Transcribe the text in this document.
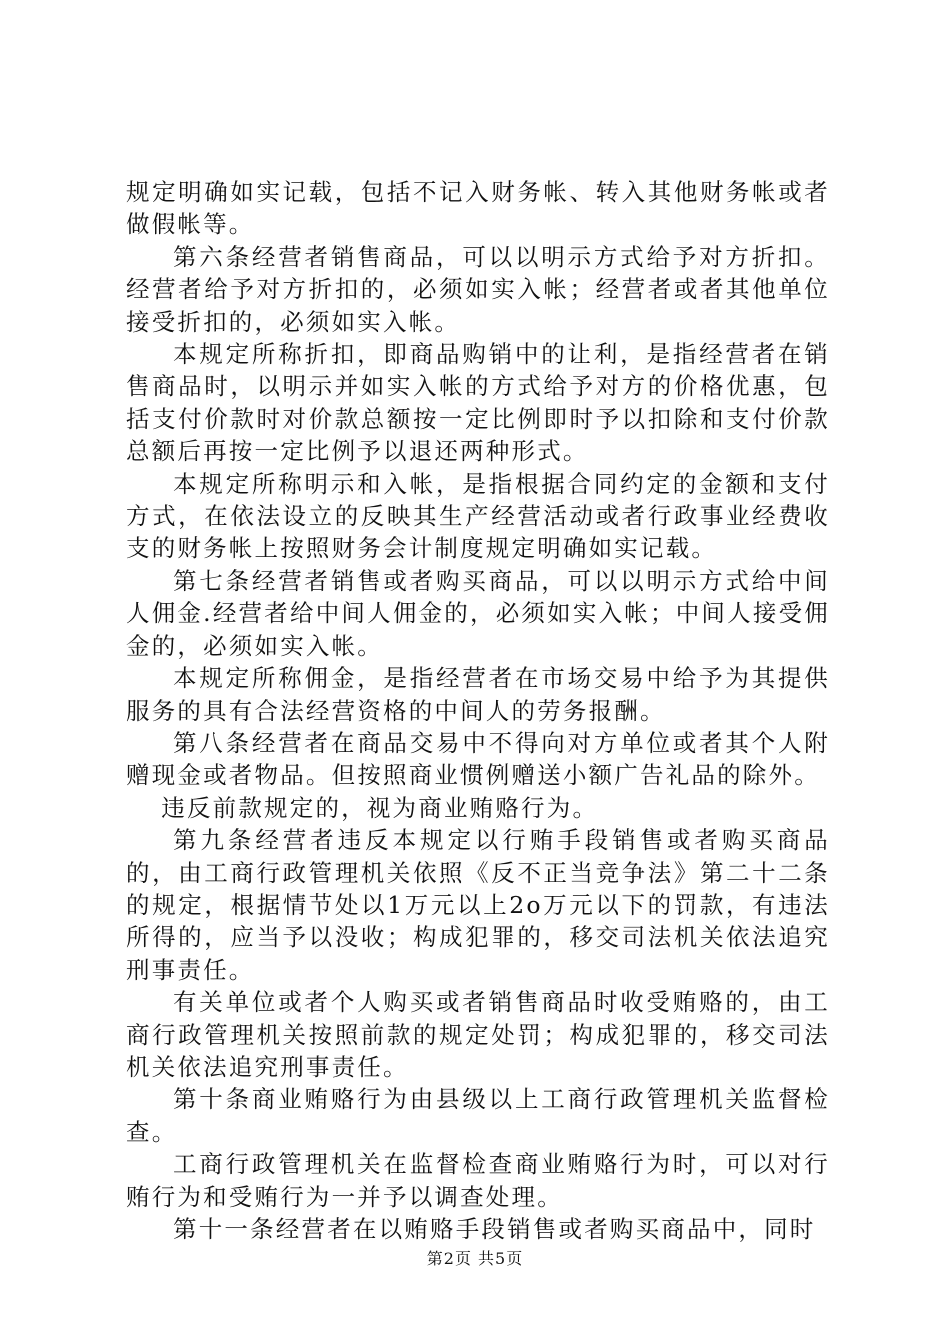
规定明确如实记载，包括不记入财务帐、转入其他财务帐或者做假帐等。

第六条经营者销售商品，可以以明示方式给予对方折扣。经营者给予对方折扣的，必须如实入帐；经营者或者其他单位接受折扣的，必须如实入帐。

本规定所称折扣，即商品购销中的让利，是指经营者在销售商品时，以明示并如实入帐的方式给予对方的价格优惠，包括支付价款时对价款总额按一定比例即时予以扣除和支付价款总额后再按一定比例予以退还两种形式。

本规定所称明示和入帐，是指根据合同约定的金额和支付方式，在依法设立的反映其生产经营活动或者行政事业经费收支的财务帐上按照财务会计制度规定明确如实记载。

第七条经营者销售或者购买商品，可以以明示方式给中间人佣金.经营者给中间人佣金的，必须如实入帐；中间人接受佣金的，必须如实入帐。

本规定所称佣金，是指经营者在市场交易中给予为其提供服务的具有合法经营资格的中间人的劳务报酬。

第八条经营者在商品交易中不得向对方单位或者其个人附赠现金或者物品。但按照商业惯例赠送小额广告礼品的除外。

违反前款规定的，视为商业贿赂行为。

第九条经营者违反本规定以行贿手段销售或者购买商品的，由工商行政管理机关依照《反不正当竞争法》第二十二条的规定，根据情节处以1万元以上2o万元以下的罚款，有违法所得的，应当予以没收；构成犯罪的，移交司法机关依法追究刑事责任。

有关单位或者个人购买或者销售商品时收受贿赂的，由工商行政管理机关按照前款的规定处罚；构成犯罪的，移交司法机关依法追究刑事责任。

第十条商业贿赂行为由县级以上工商行政管理机关监督检查。

工商行政管理机关在监督检查商业贿赂行为时，可以对行贿行为和受贿行为一并予以调查处理。

第十一条经营者在以贿赂手段销售或者购买商品中，同时

第2页 共5页
